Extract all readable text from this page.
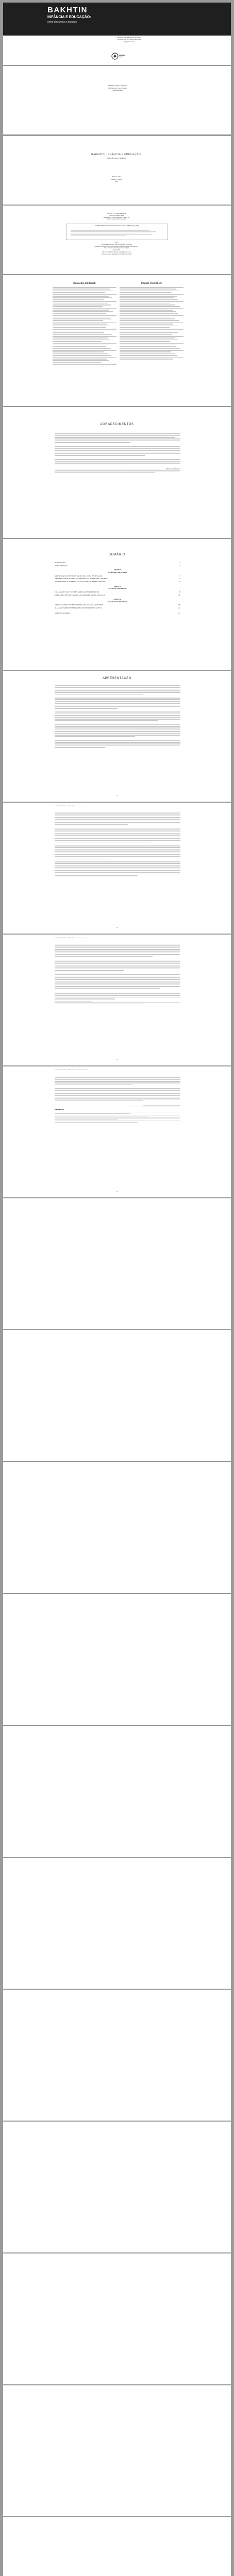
BAKHTIN
INFÂNCIA E EDUCAÇÃO:
entre discursos e práticas
MICHELLE MASSONI DE OLIVEIRA
WILLINGTON DA COSTA PINHEIRO
(Organizadores)
Michelle Araujo de Oliveira
Willington da Costa Pinheiro
(Organizadores)
BAKHTIN, INFÂNCIA E EDUCAÇÃO:
entre discursos e práticas
Editora CRV
Curitiba - Brasil
2016
Copyright © da Editora CRV Ltda.
Editor-chefe: Railson Moura
Diagramação e Capa: Designers da Editora CRV
Revisão: Analista de Escrita e Artes
DADOS INTERNACIONAIS DE CATALOGAÇÃO NA PUBLICAÇÃO (CIP)
2016
Foi feito o depósito legal conf. Lei 10.994 de 14/12/2004
Proibida a reprodução parcial ou total desta obra sem autorização da Editora CRV
Todos os direitos desta edição reservados pela:
Editora CRV
Tel.: (41) 3039-6418 - E-mail: sac@editoracrv.com.br
Conheça os nossos lançamentos: www.editoracrv.com.br
Conselho Editorial:	Comitê Científico:
AGRADECIMENTOS
Michelle e Willington
SUMÁRIO
INTRODUÇÃO	11
APRESENTAÇÃO	13
PARTE I
INFÂNCIA E ARTE-VIDA
A INFÂNCIA E OS SENTIDOS DO ATO DE LER NA INSTITUIÇÃO	17
A ESCRITA COMO RESPOSTA: EXPERIÊNCIAS DE LEITURA E ESCRITA	41
ARQUITETÔNICA DA ENUNCIAÇÃO NAS PRÁTICAS DISCURSIVAS	63
PARTE II
ESCOLA E DISCURSOS
CRIANÇAS E SUAS ESCRITAS: AS RELAÇÕES DIALÓGICAS	85
O DISCURSO DO PROFESSOR E A ALTERIDADE NA SALA DE AULA	107
PARTE III
INFÂNCIAS E PRÁTICAS
A LINGUAGEM DO SUJEITO-CRIANÇA NA EDUCAÇÃO INFANTIL	129
DIÁLOGOS SOBRE INFÂNCIAS EM CONTEXTOS EDUCATIVOS	151
SOBRE OS AUTORES	173
APRESENTAÇÃO
11
BAKHTIN, INFÂNCIA E EDUCAÇÃO: entre discursos e práticas
12
BAKHTIN, INFÂNCIA E EDUCAÇÃO: entre discursos e práticas
13
BAKHTIN, INFÂNCIA E EDUCAÇÃO: entre discursos e práticas
Referências
14
